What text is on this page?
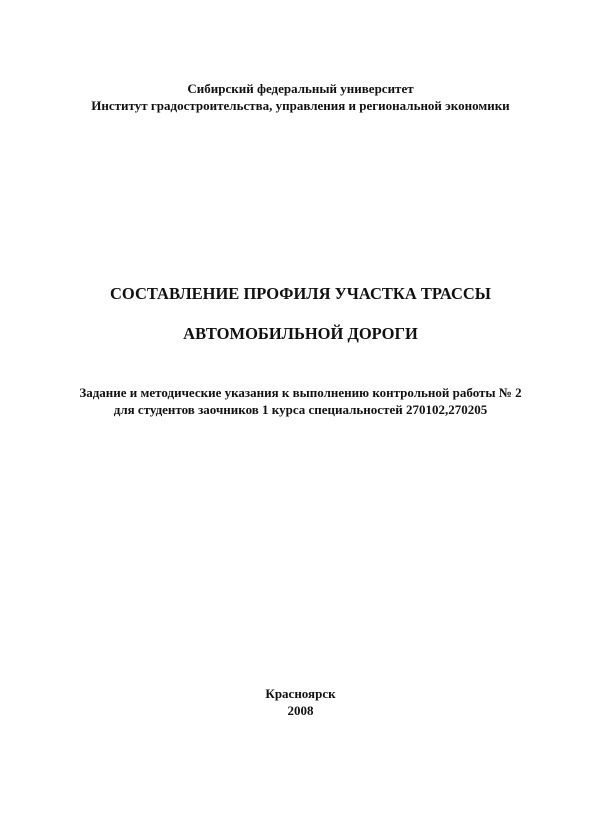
Сибирский федеральный университет
Институт градостроительства, управления и региональной экономики
СОСТАВЛЕНИЕ ПРОФИЛЯ УЧАСТКА ТРАССЫ
АВТОМОБИЛЬНОЙ ДОРОГИ
Задание и методические указания к выполнению контрольной работы № 2
для студентов заочников 1 курса специальностей 270102,270205
Красноярск
2008
